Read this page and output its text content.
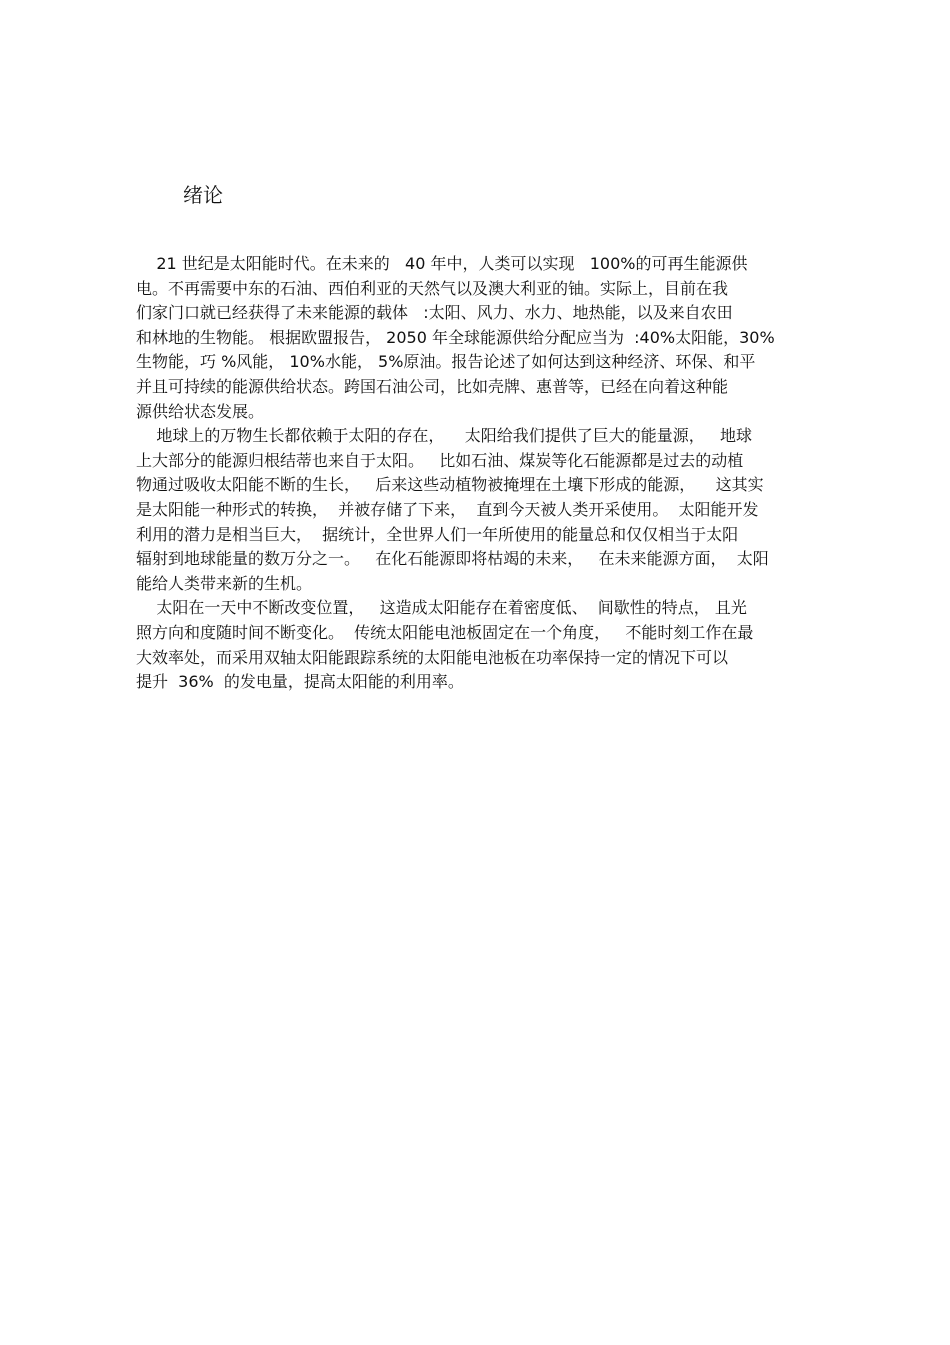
绪论
21 世纪是太阳能时代。在未来的   40 年中，人类可以实现   100%的可再生能源供
电。不再需要中东的石油、西伯利亚的天然气以及澳大利亚的铀。实际上，目前在我
们家门口就已经获得了未来能源的载体   :太阳、风力、水力、地热能，以及来自农田
和林地的生物能。 根据欧盟报告， 2050 年全球能源供给分配应当为  :40%太阳能，30%
生物能，巧 %风能， 10%水能， 5%原油。报告论述了如何达到这种经济、环保、和平
并且可持续的能源供给状态。跨国石油公司，比如壳牌、惠普等，已经在向着这种能
源供给状态发展。
地球上的万物生长都依赖于太阳的存在，    太阳给我们提供了巨大的能量源，   地球
上大部分的能源归根结蒂也来自于太阳。   比如石油、煤炭等化石能源都是过去的动植
物通过吸收太阳能不断的生长，   后来这些动植物被掩埋在土壤下形成的能源，    这其实
是太阳能一种形式的转换，  并被存储了下来，  直到今天被人类开采使用。  太阳能开发
利用的潜力是相当巨大，  据统计，全世界人们一年所使用的能量总和仅仅相当于太阳
辐射到地球能量的数万分之一。   在化石能源即将枯竭的未来，   在未来能源方面，  太阳
能给人类带来新的生机。
太阳在一天中不断改变位置，   这造成太阳能存在着密度低、  间歇性的特点， 且光
照方向和度随时间不断变化。  传统太阳能电池板固定在一个角度，   不能时刻工作在最
大效率处，而采用双轴太阳能跟踪系统的太阳能电池板在功率保持一定的情况下可以
提升  36%  的发电量，提高太阳能的利用率。
